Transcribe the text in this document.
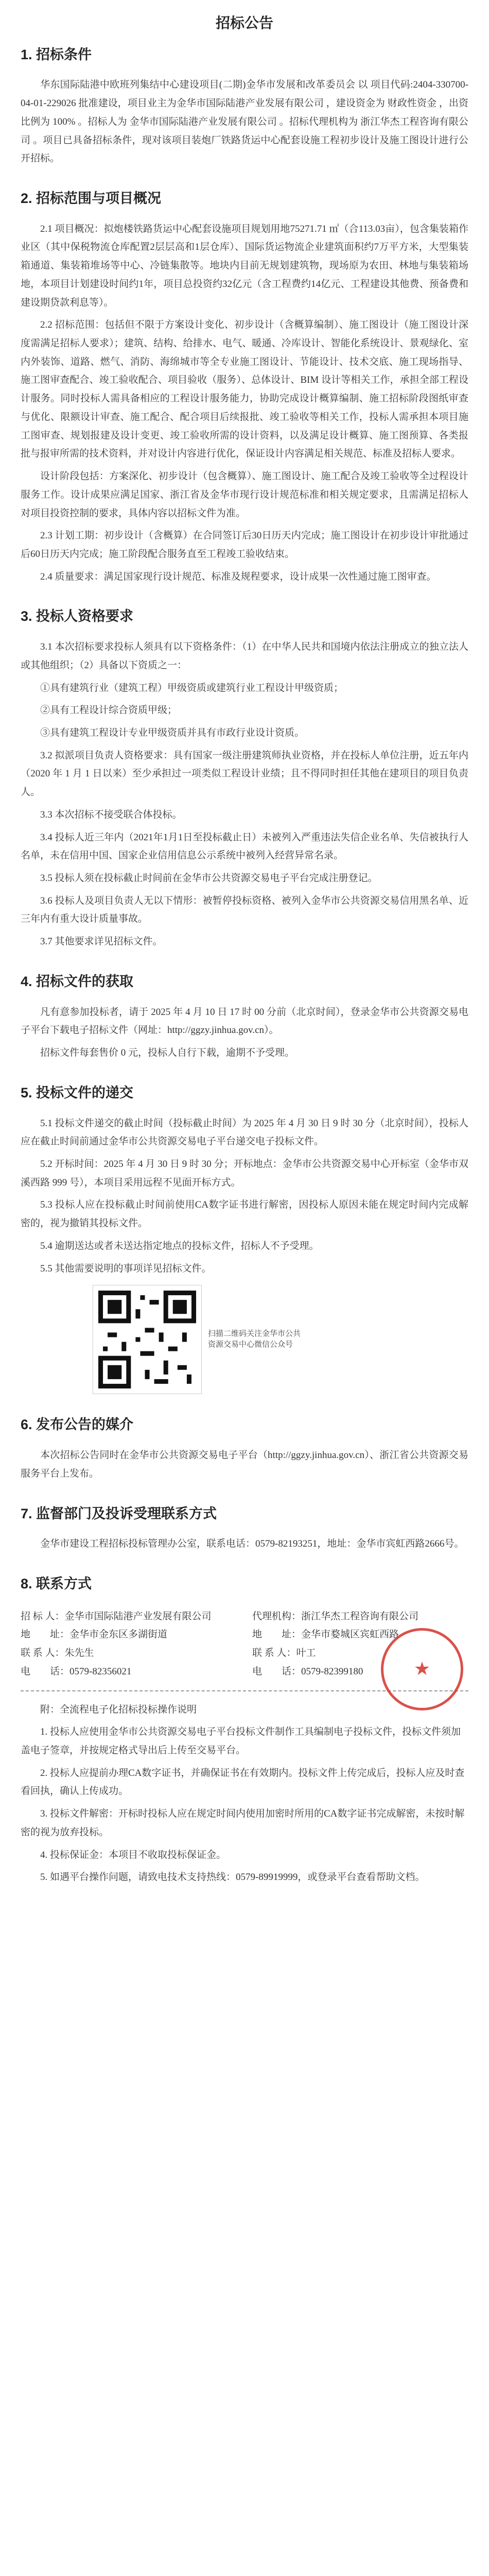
招标公告
1. 招标条件

华东国际陆港中欧班列集结中心建设项目(二期)金华市发展和改革委员会 以 项目代码:2404-330700-04-01-229026 批准建设，项目业主为金华市国际陆港产业发展有限公司 ，建设资金为 财政性资金 ，出资比例为 100% 。招标人为 金华市国际陆港产业发展有限公司 。招标代理机构为 浙江华杰工程咨询有限公司 。项目已具备招标条件，现对该项目装炮厂铁路货运中心配套设施工程初步设计及施工图设计进行公开招标。

2. 招标范围与项目概况

2.1 项目概况：拟炮楼铁路货运中心配套设施项目规划用地75271.71 ㎡（合113.03亩），包含集装箱作业区（其中保税物流仓库配置2层层高和1层仓库）、国际货运物流企业建筑面积约7万平方米，大型集装箱通道、集装箱堆场等中心、冷链集散等。地块内目前无规划建筑物，现场原为农田、林地与集装箱场地，本项目计划建设时间约1年，项目总投资约32亿元（含工程费约14亿元、工程建设其他费、预备费和建设期贷款利息等）。

2.2 招标范围：包括但不限于方案设计变化、初步设计（含概算编制）、施工图设计（施工图设计深度需满足招标人要求）；建筑、结构、给排水、电气、暖通、冷库设计、智能化系统设计、景观绿化、室内外装饰、道路、燃气、消防、海绵城市等全专业施工图设计、节能设计、技术交底、施工现场指导、施工图审查配合、竣工验收配合、项目验收（服务）、总体设计、BIM 设计等相关工作，承担全部工程设计服务。同时投标人需具备相应的工程设计服务能力，协助完成设计概算编制、施工招标阶段图纸审查与优化、限额设计审查、施工配合、配合项目后续报批、竣工验收等相关工作，投标人需承担本项目施工图审查、规划报建及设计变更、竣工验收所需的设计资料，以及满足设计概算、施工图预算、各类报批与报审所需的技术资料，并对设计内容进行优化，保证设计内容满足相关规范、标准及招标人要求。

设计阶段包括：方案深化、初步设计（包含概算）、施工图设计、施工配合及竣工验收等全过程设计服务工作。设计成果应满足国家、浙江省及金华市现行设计规范标准和相关规定要求，且需满足招标人对项目投资控制的要求，具体内容以招标文件为准。

2.3 计划工期：初步设计（含概算）在合同签订后30日历天内完成；施工图设计在初步设计审批通过后60日历天内完成；施工阶段配合服务直至工程竣工验收结束。

2.4 质量要求：满足国家现行设计规范、标准及规程要求，设计成果一次性通过施工图审查。

3. 投标人资格要求

3.1 本次招标要求投标人须具有以下资格条件：（1）在中华人民共和国境内依法注册成立的独立法人或其他组织；（2）具备以下资质之一：

①具有建筑行业（建筑工程）甲级资质或建筑行业工程设计甲级资质；

②具有工程设计综合资质甲级；

③具有建筑工程设计专业甲级资质并具有市政行业设计资质。

3.2 拟派项目负责人资格要求：具有国家一级注册建筑师执业资格，并在投标人单位注册，近五年内（2020 年 1 月 1 日以来）至少承担过一项类似工程设计业绩；且不得同时担任其他在建项目的项目负责人。

3.3 本次招标不接受联合体投标。

3.4 投标人近三年内（2021年1月1日至投标截止日）未被列入严重违法失信企业名单、失信被执行人名单，未在信用中国、国家企业信用信息公示系统中被列入经营异常名录。

3.5 投标人须在投标截止时间前在金华市公共资源交易电子平台完成注册登记。

3.6 投标人及项目负责人无以下情形：被暂停投标资格、被列入金华市公共资源交易信用黑名单、近三年内有重大设计质量事故。

3.7 其他要求详见招标文件。

4. 招标文件的获取

凡有意参加投标者，请于 2025 年 4 月 10 日 17 时 00 分前（北京时间），登录金华市公共资源交易电子平台下载电子招标文件（网址：http://ggzy.jinhua.gov.cn）。

招标文件每套售价 0 元，投标人自行下载，逾期不予受理。

5. 投标文件的递交

5.1 投标文件递交的截止时间（投标截止时间）为 2025 年 4 月 30 日 9 时 30 分（北京时间），投标人应在截止时间前通过金华市公共资源交易电子平台递交电子投标文件。

5.2 开标时间：2025 年 4 月 30 日 9 时 30 分；开标地点：金华市公共资源交易中心开标室（金华市双溪西路 999 号），本项目采用远程不见面开标方式。

5.3 投标人应在投标截止时间前使用CA数字证书进行解密，因投标人原因未能在规定时间内完成解密的，视为撤销其投标文件。

5.4 逾期送达或者未送达指定地点的投标文件，招标人不予受理。

5.5 其他需要说明的事项详见招标文件。

扫描二维码关注金华市公共资源交易中心微信公众号
6. 发布公告的媒介

本次招标公告同时在金华市公共资源交易电子平台（http://ggzy.jinhua.gov.cn）、浙江省公共资源交易服务平台上发布。

7. 监督部门及投诉受理联系方式

金华市建设工程招标投标管理办公室，联系电话：0579-82193251，地址：金华市宾虹西路2666号。

8. 联系方式
招 标 人：金华市国际陆港产业发展有限公司	代理机构：浙江华杰工程咨询有限公司
地　　址：金华市金东区多湖街道	地　　址：金华市婺城区宾虹西路
联 系 人：朱先生	联 系 人：叶工
电　　话：0579-82356021	电　　话：0579-82399180	★

附：全流程电子化招标投标操作说明

1. 投标人应使用金华市公共资源交易电子平台投标文件制作工具编制电子投标文件，投标文件须加盖电子签章，并按规定格式导出后上传至交易平台。

2. 投标人应提前办理CA数字证书，并确保证书在有效期内。投标文件上传完成后，投标人应及时查看回执，确认上传成功。

3. 投标文件解密：开标时投标人应在规定时间内使用加密时所用的CA数字证书完成解密，未按时解密的视为放弃投标。

4. 投标保证金：本项目不收取投标保证金。

5. 如遇平台操作问题，请致电技术支持热线：0579-89919999，或登录平台查看帮助文档。
